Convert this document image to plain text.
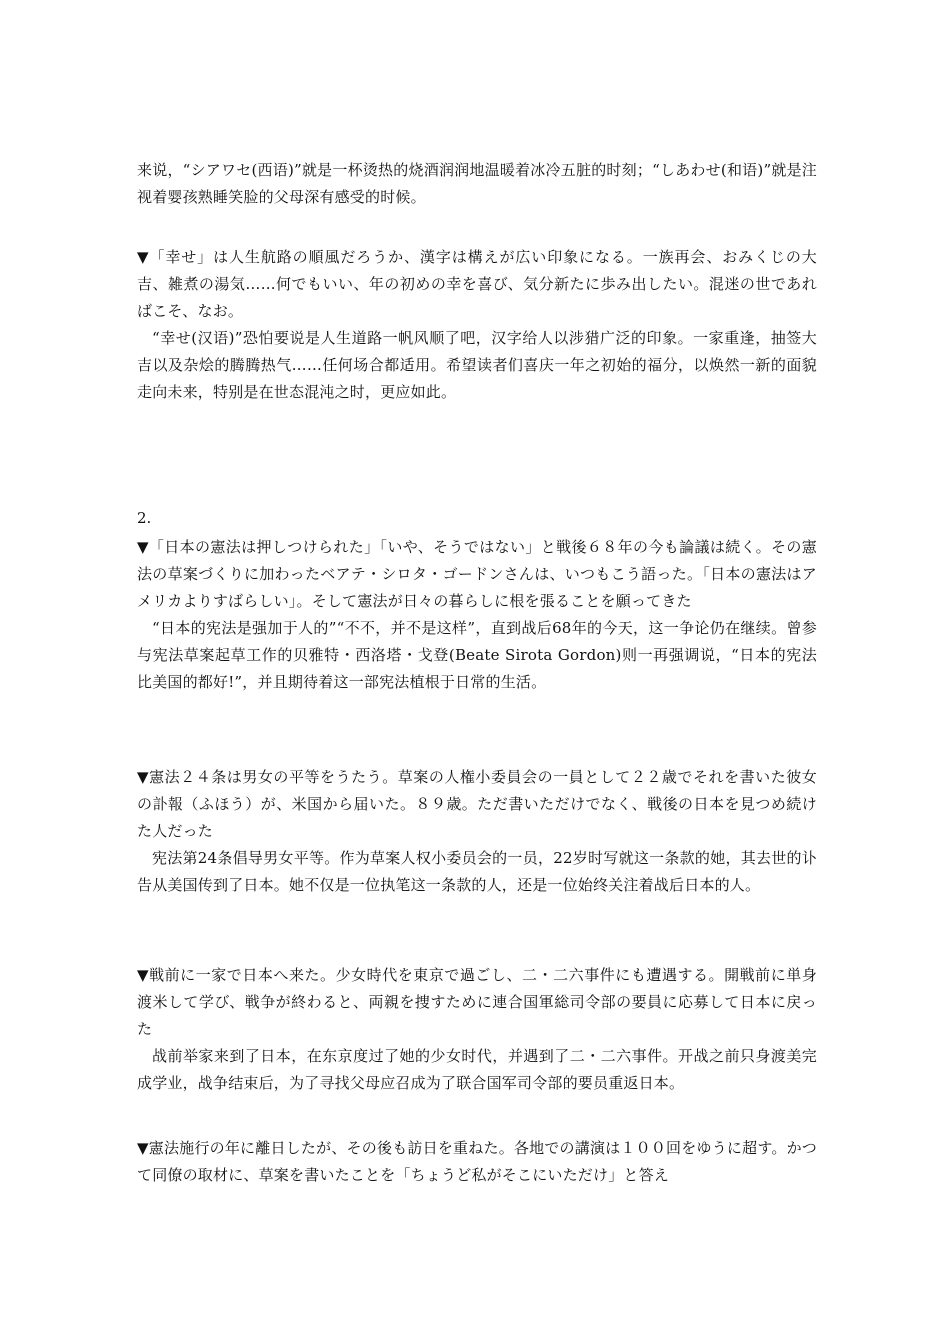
来说，“シアワセ(西语)”就是一杯烫热的烧酒润润地温暖着冰冷五脏的时刻；“しあわせ(和语)”就是注视着婴孩熟睡笑脸的父母深有感受的时候。

▼「幸せ」は人生航路の順風だろうか、漢字は構えが広い印象になる。一族再会、おみくじの大吉、雑煮の湯気……何でもいい、年の初めの幸を喜び、気分新たに歩み出したい。混迷の世であればこそ、なお。

“幸せ(汉语)”恐怕要说是人生道路一帆风顺了吧，汉字给人以涉猎广泛的印象。一家重逢，抽签大吉以及杂烩的腾腾热气……任何场合都适用。希望读者们喜庆一年之初始的福分，以焕然一新的面貌走向未来，特别是在世态混沌之时，更应如此。

2.

▼「日本の憲法は押しつけられた」「いや、そうではない」と戦後６８年の今も論議は続く。その憲法の草案づくりに加わったベアテ・シロタ・ゴードンさんは、いつもこう語った。「日本の憲法はアメリカよりすばらしい」。そして憲法が日々の暮らしに根を張ることを願ってきた

“日本的宪法是强加于人的”“不不，并不是这样”，直到战后68年的今天，这一争论仍在继续。曾参与宪法草案起草工作的贝雅特・西洛塔・戈登(Beate Sirota Gordon)则一再强调说，“日本的宪法比美国的都好!”，并且期待着这一部宪法植根于日常的生活。

▼憲法２４条は男女の平等をうたう。草案の人権小委員会の一員として２２歳でそれを書いた彼女の訃報（ふほう）が、米国から届いた。８９歳。ただ書いただけでなく、戦後の日本を見つめ続けた人だった

宪法第24条倡导男女平等。作为草案人权小委员会的一员，22岁时写就这一条款的她，其去世的讣告从美国传到了日本。她不仅是一位执笔这一条款的人，还是一位始终关注着战后日本的人。

▼戦前に一家で日本へ来た。少女時代を東京で過ごし、二・二六事件にも遭遇する。開戦前に単身渡米して学び、戦争が終わると、両親を捜すために連合国軍総司令部の要員に応募して日本に戻った

战前举家来到了日本，在东京度过了她的少女时代，并遇到了二・二六事件。开战之前只身渡美完成学业，战争结束后，为了寻找父母应召成为了联合国军司令部的要员重返日本。

▼憲法施行の年に離日したが、その後も訪日を重ねた。各地での講演は１００回をゆうに超す。かつて同僚の取材に、草案を書いたことを「ちょうど私がそこにいただけ」と答え
